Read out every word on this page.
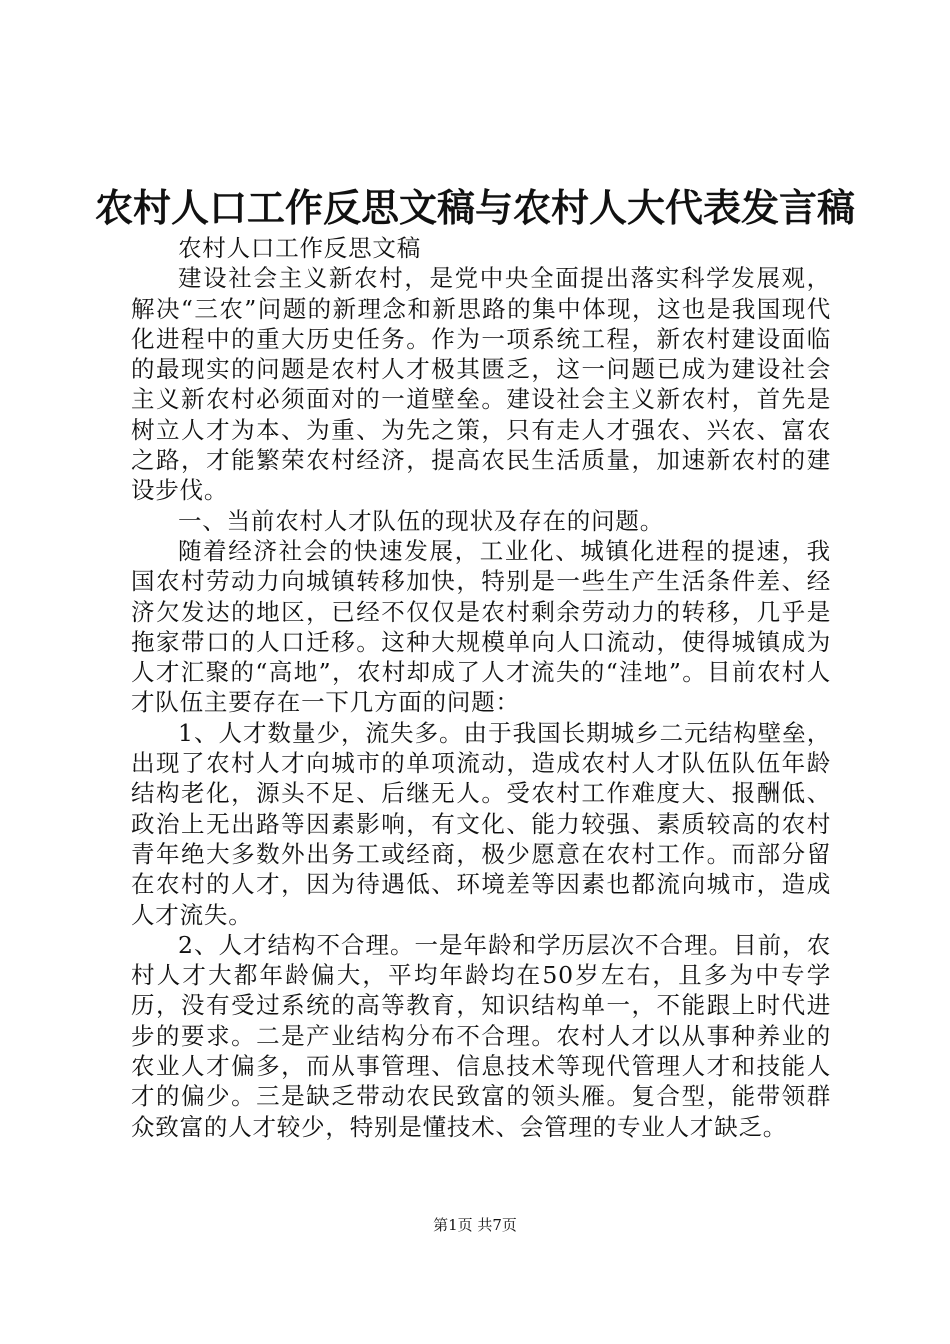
农村人口工作反思文稿与农村人大代表发言稿

农村人口工作反思文稿

建设社会主义新农村，是党中央全面提出落实科学发展观，解决“三农”问题的新理念和新思路的集中体现，这也是我国现代化进程中的重大历史任务。作为一项系统工程，新农村建设面临的最现实的问题是农村人才极其匮乏，这一问题已成为建设社会主义新农村必须面对的一道壁垒。建设社会主义新农村，首先是树立人才为本、为重、为先之策，只有走人才强农、兴农、富农之路，才能繁荣农村经济，提高农民生活质量，加速新农村的建设步伐。

一、当前农村人才队伍的现状及存在的问题。

随着经济社会的快速发展，工业化、城镇化进程的提速，我国农村劳动力向城镇转移加快，特别是一些生产生活条件差、经济欠发达的地区，已经不仅仅是农村剩余劳动力的转移，几乎是拖家带口的人口迁移。这种大规模单向人口流动，使得城镇成为人才汇聚的“高地”，农村却成了人才流失的“洼地”。目前农村人才队伍主要存在一下几方面的问题：

1、人才数量少，流失多。由于我国长期城乡二元结构壁垒，出现了农村人才向城市的单项流动，造成农村人才队伍队伍年龄结构老化，源头不足、后继无人。受农村工作难度大、报酬低、政治上无出路等因素影响，有文化、能力较强、素质较高的农村青年绝大多数外出务工或经商，极少愿意在农村工作。而部分留在农村的人才，因为待遇低、环境差等因素也都流向城市，造成人才流失。

2、人才结构不合理。一是年龄和学历层次不合理。目前，农村人才大都年龄偏大，平均年龄均在50岁左右，且多为中专学历，没有受过系统的高等教育，知识结构单一，不能跟上时代进步的要求。二是产业结构分布不合理。农村人才以从事种养业的农业人才偏多，而从事管理、信息技术等现代管理人才和技能人才的偏少。三是缺乏带动农民致富的领头雁。复合型，能带领群众致富的人才较少，特别是懂技术、会管理的专业人才缺乏。

第1页 共7页
